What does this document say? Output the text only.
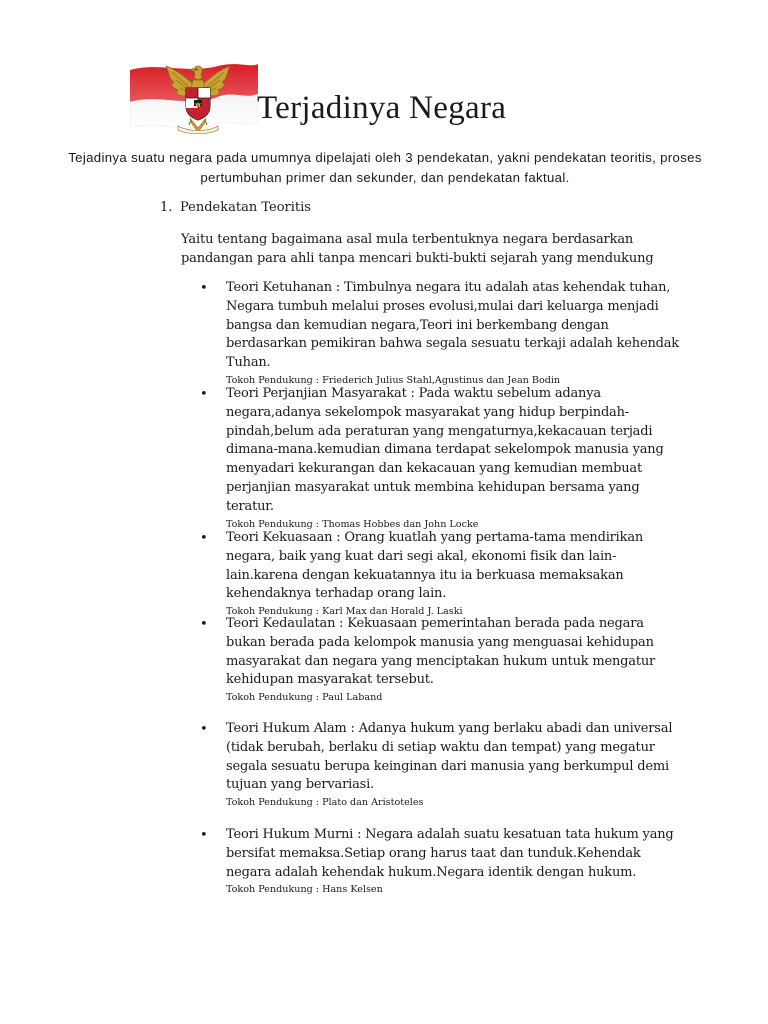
Terjadinya Negara

Tejadinya suatu negara pada umumnya dipelajati oleh 3 pendekatan, yakni pendekatan teoritis, proses pertumbuhan primer dan sekunder, dan pendekatan faktual.

1. Pendekatan Teoritis

Yaitu tentang bagaimana asal mula terbentuknya negara berdasarkan pandangan para ahli tanpa mencari bukti-bukti sejarah yang mendukung

• Teori Ketuhanan : Timbulnya negara itu adalah atas kehendak tuhan, Negara tumbuh melalui proses evolusi,mulai dari keluarga menjadi bangsa dan kemudian negara,Teori ini berkembang dengan berdasarkan pemikiran bahwa segala sesuatu terkaji adalah kehendak Tuhan.

Tokoh Pendukung : Friederich Julius Stahl,Agustinus dan Jean Bodin

• Teori Perjanjian Masyarakat : Pada waktu sebelum adanya negara,adanya sekelompok masyarakat yang hidup berpindah-pindah,belum ada peraturan yang mengaturnya,kekacauan terjadi dimana-mana.kemudian dimana terdapat sekelompok manusia yang menyadari kekurangan dan kekacauan yang kemudian membuat perjanjian masyarakat untuk membina kehidupan bersama yang teratur.

Tokoh Pendukung : Thomas Hobbes dan John Locke

• Teori Kekuasaan : Orang kuatlah yang pertama-tama mendirikan negara, baik yang kuat dari segi akal, ekonomi fisik dan lain-lain.karena dengan kekuatannya itu ia berkuasa memaksakan kehendaknya terhadap orang lain.

Tokoh Pendukung : Karl Max dan Horald J. Laski

• Teori Kedaulatan : Kekuasaan pemerintahan berada pada negara bukan berada pada kelompok manusia yang menguasai kehidupan masyarakat dan negara yang menciptakan hukum untuk mengatur kehidupan masyarakat tersebut.

Tokoh Pendukung : Paul Laband

• Teori Hukum Alam : Adanya hukum yang berlaku abadi dan universal (tidak berubah, berlaku di setiap waktu dan tempat) yang megatur segala sesuatu berupa keinginan dari manusia yang berkumpul demi tujuan yang bervariasi.

Tokoh Pendukung : Plato dan Aristoteles

• Teori Hukum Murni : Negara adalah suatu kesatuan tata hukum yang bersifat memaksa.Setiap orang harus taat dan tunduk.Kehendak negara adalah kehendak hukum.Negara identik dengan hukum.

Tokoh Pendukung : Hans Kelsen
